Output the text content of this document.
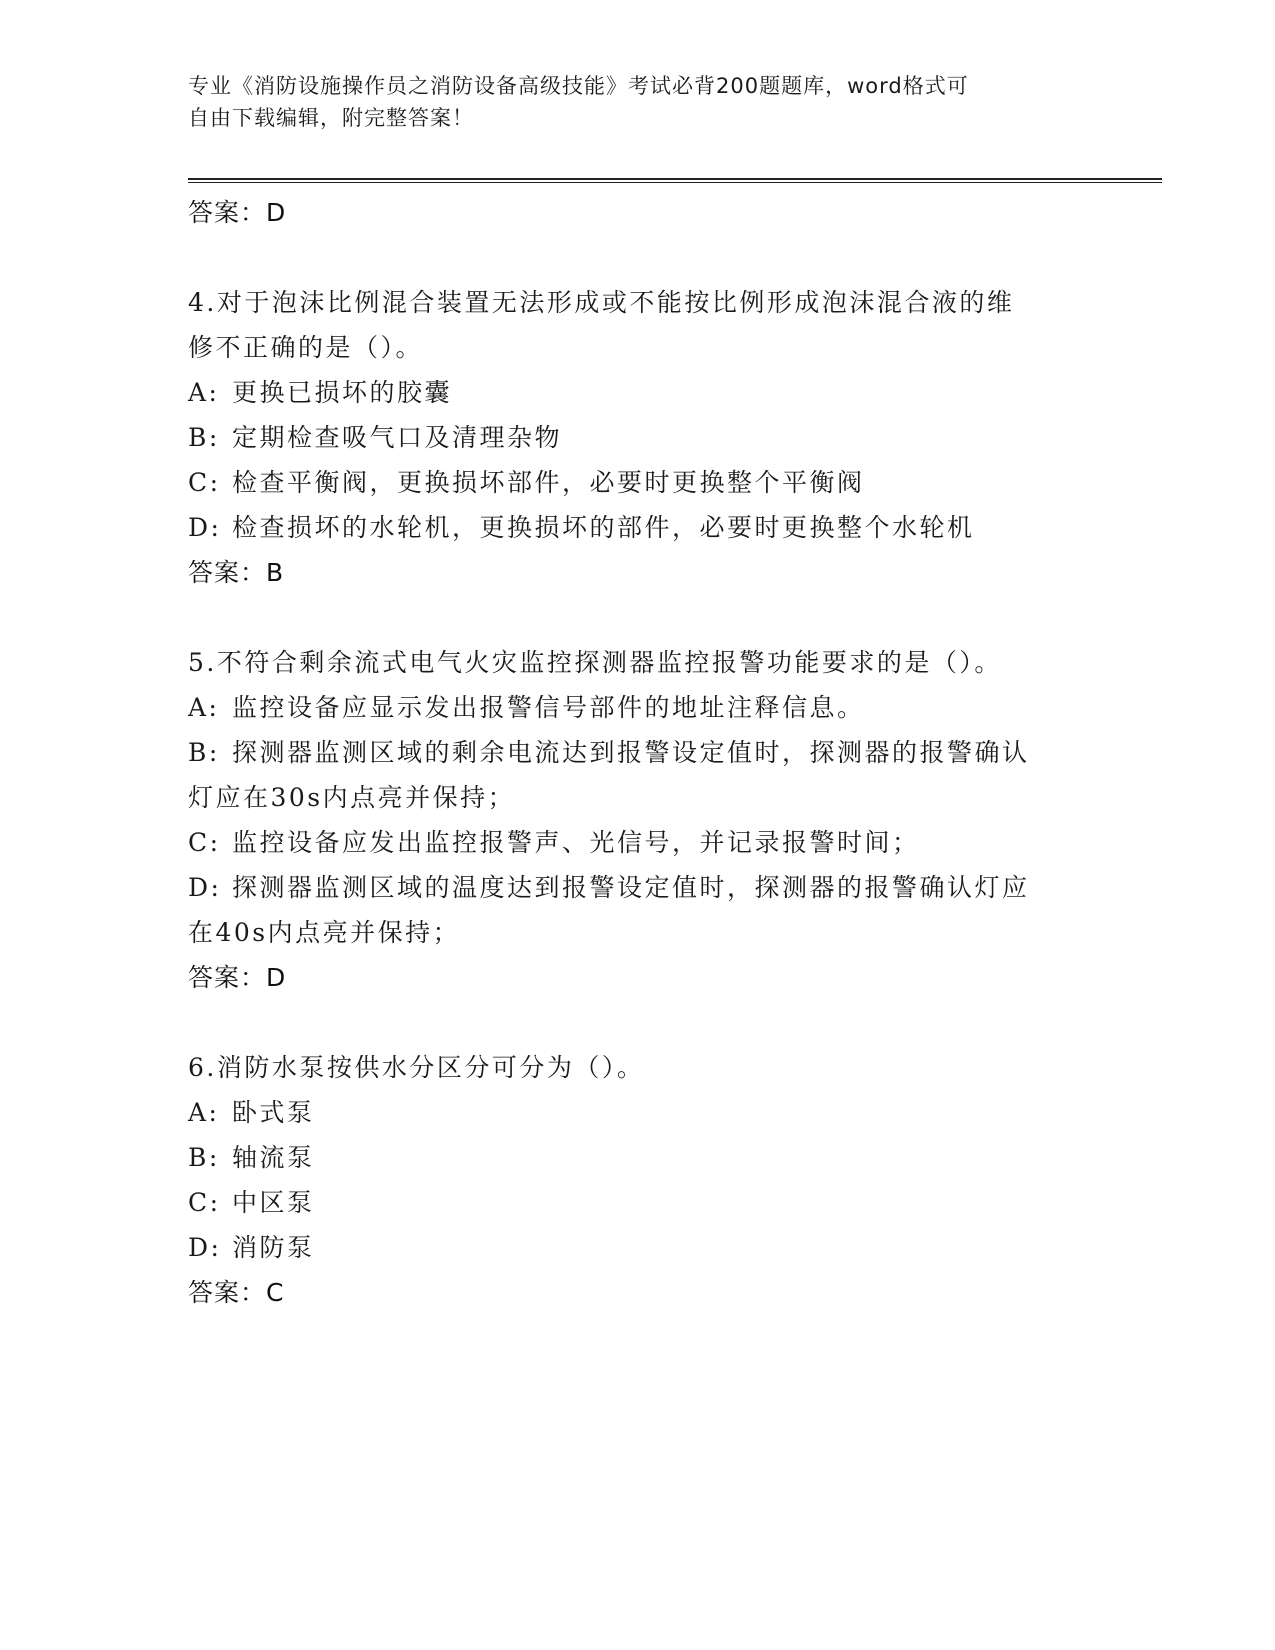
专业《消防设施操作员之消防设备高级技能》考试必背200题题库，word格式可
自由下载编辑，附完整答案！
答案：D
4.对于泡沫比例混合装置无法形成或不能按比例形成泡沫混合液的维
修不正确的是（）。
A: 更换已损坏的胶囊
B: 定期检查吸气口及清理杂物
C: 检查平衡阀，更换损坏部件，必要时更换整个平衡阀
D: 检查损坏的水轮机，更换损坏的部件，必要时更换整个水轮机
答案：B
5.不符合剩余流式电气火灾监控探测器监控报警功能要求的是（）。
A: 监控设备应显示发出报警信号部件的地址注释信息。
B: 探测器监测区域的剩余电流达到报警设定值时，探测器的报警确认
灯应在30s内点亮并保持；
C: 监控设备应发出监控报警声、光信号，并记录报警时间；
D: 探测器监测区域的温度达到报警设定值时，探测器的报警确认灯应
在40s内点亮并保持；
答案：D
6.消防水泵按供水分区分可分为（）。
A: 卧式泵
B: 轴流泵
C: 中区泵
D: 消防泵
答案：C
